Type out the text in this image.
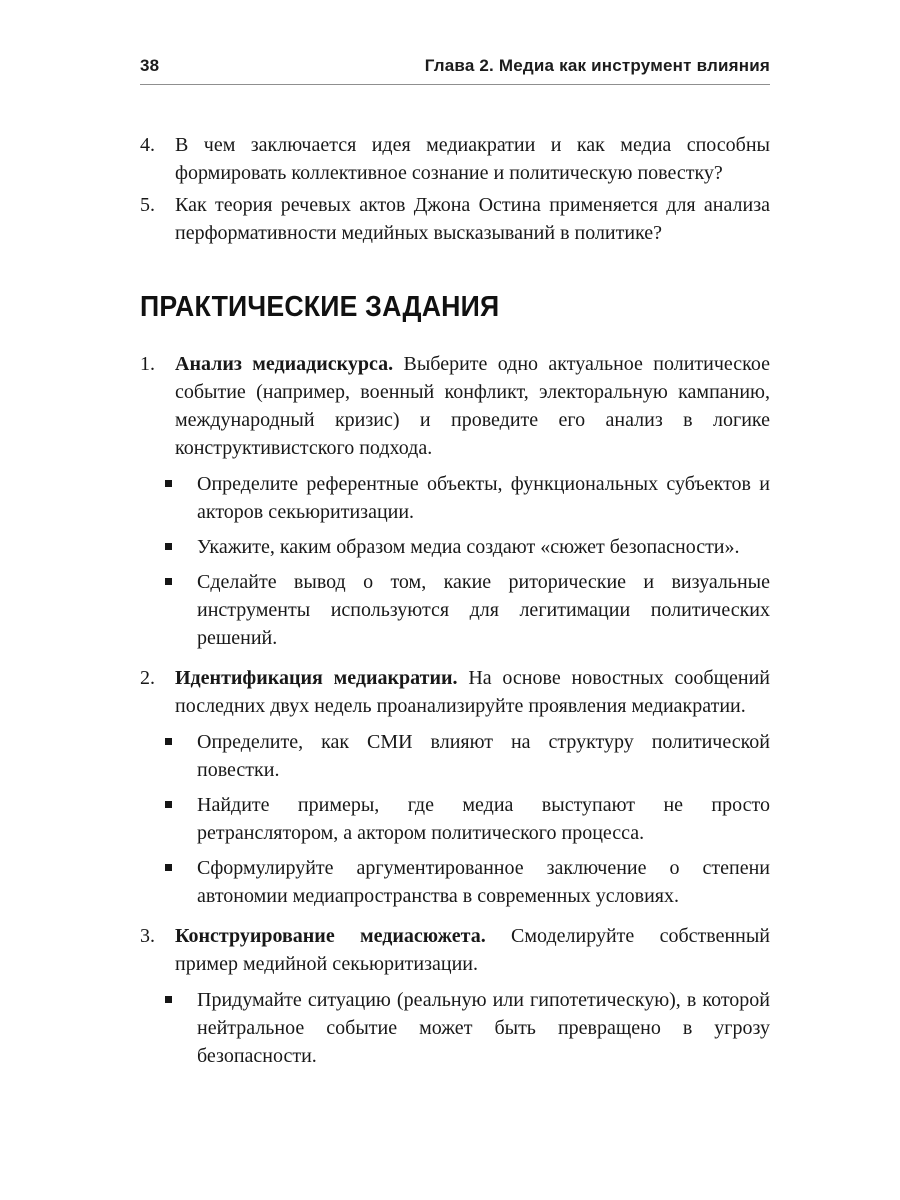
38	Глава 2. Медиа как инструмент влияния
4.	В чем заключается идея медиакратии и как медиа способны формировать коллективное сознание и политическую повестку?
5.	Как теория речевых актов Джона Остина применяется для анализа перформативности медийных высказываний в политике?
ПРАКТИЧЕСКИЕ ЗАДАНИЯ
1.	Анализ медиадискурса. Выберите одно актуальное политическое событие (например, военный конфликт, электоральную кампанию, международный кризис) и проведите его анализ в логике конструктивистского подхода.
Определите референтные объекты, функциональных субъектов и акторов секьюритизации.
Укажите, каким образом медиа создают «сюжет безопасности».
Сделайте вывод о том, какие риторические и визуальные инструменты используются для легитимации политических решений.
2.	Идентификация медиакратии. На основе новостных сообщений последних двух недель проанализируйте проявления медиакратии.
Определите, как СМИ влияют на структуру политической повестки.
Найдите примеры, где медиа выступают не просто ретранслятором, а актором политического процесса.
Сформулируйте аргументированное заключение о степени автономии медиапространства в современных условиях.
3.	Конструирование медиасюжета. Смоделируйте собственный пример медийной секьюритизации.
Придумайте ситуацию (реальную или гипотетическую), в которой нейтральное событие может быть превращено в угрозу безопасности.
